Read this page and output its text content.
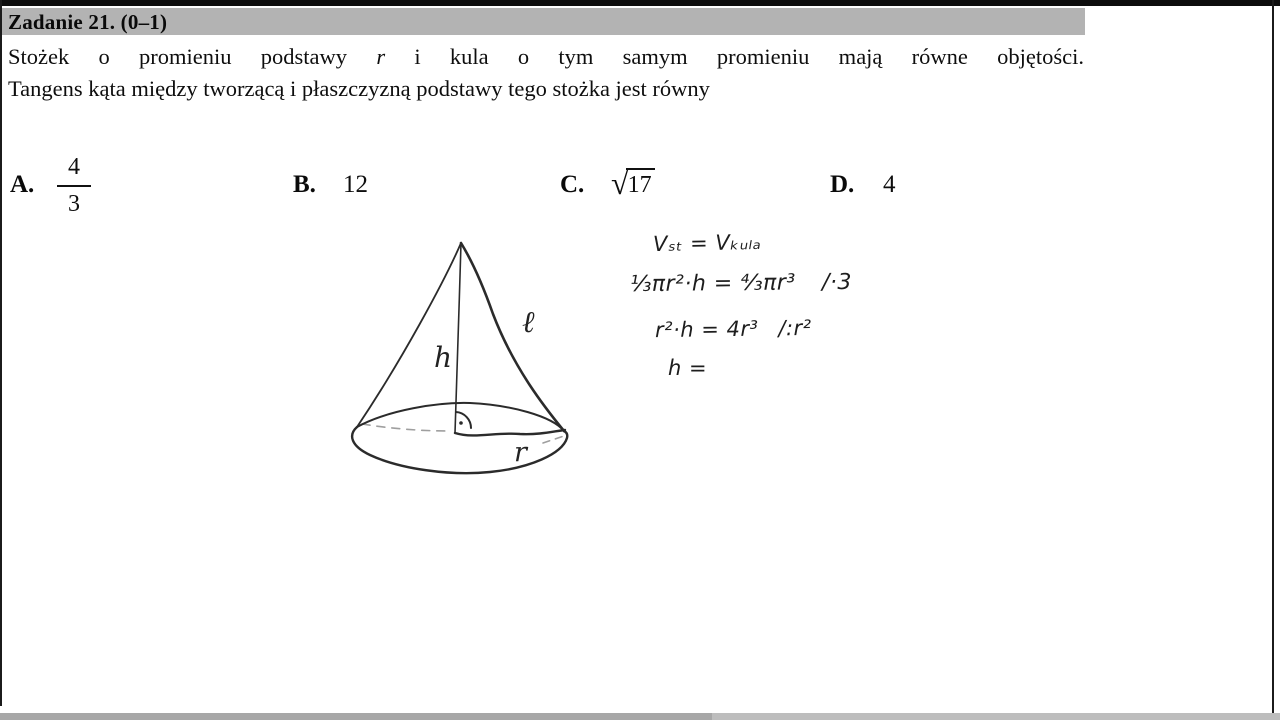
Zadanie 21. (0–1)
Stożek o promieniu podstawy r i kula o tym samym promieniu mają równe objętości.
Tangens kąta między tworzącą i płaszczyzną podstawy tego stożka jest równy
A. $\frac{4}{3}$	B. 12	C. √ 17	D. 4
h
ℓ
r
Vₛₜ = Vₖᵤₗₐ
⅓πr²·h = ⁴⁄₃πr³ /·3
r²·h = 4r³ /:r²
h =
